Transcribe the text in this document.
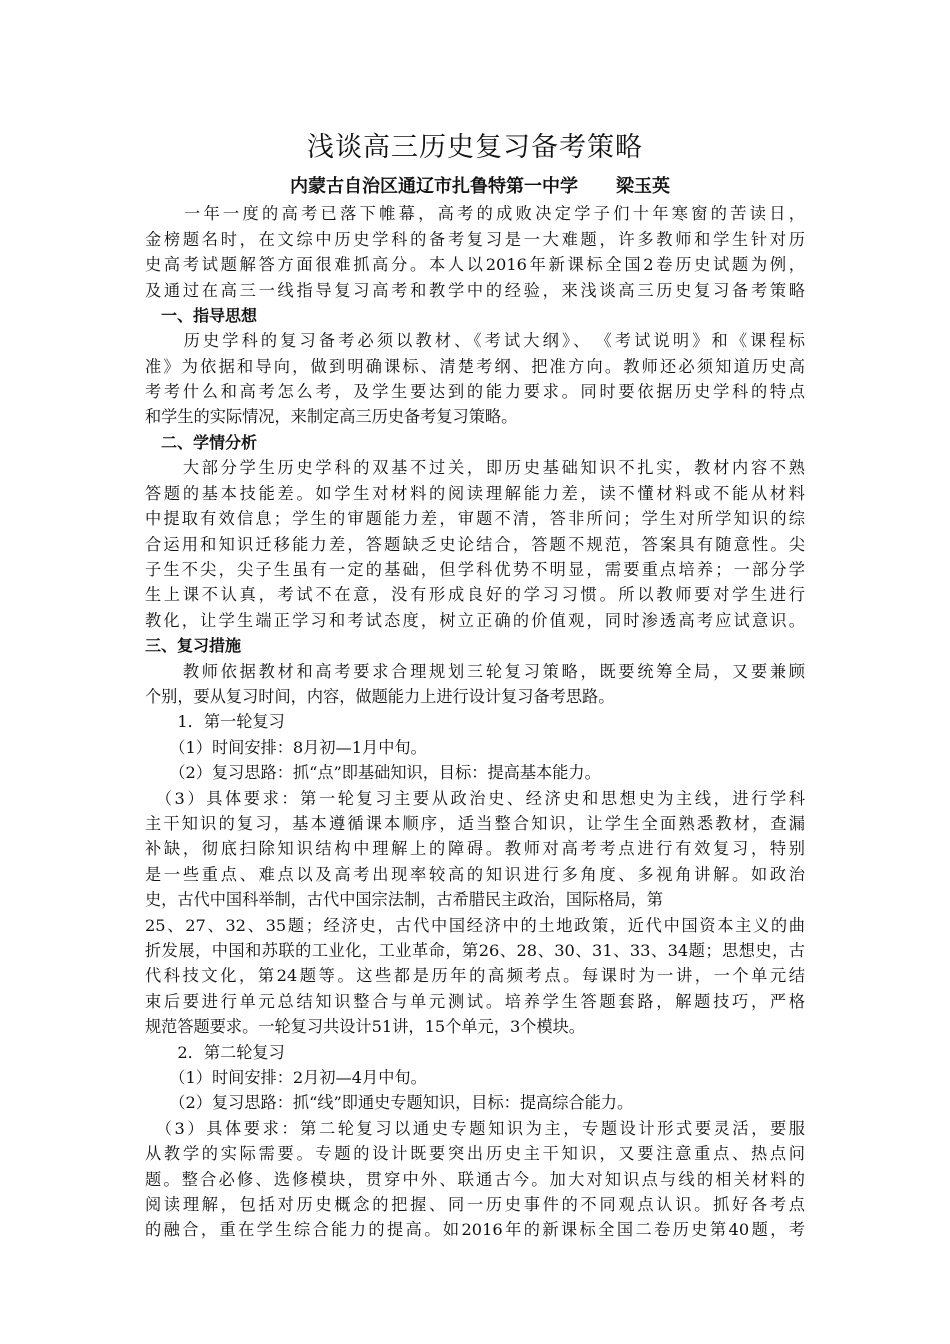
浅谈高三历史复习备考策略
内蒙古自治区通辽市扎鲁特第一中学 梁玉英
　　一年一度的高考已落下帷幕，高考的成败决定学子们十年寒窗的苦读日，
金榜题名时，在文综中历史学科的备考复习是一大难题，许多教师和学生针对历
史高考试题解答方面很难抓高分。本人以2016年新课标全国2卷历史试题为例，
及通过在高三一线指导复习高考和教学中的经验，来浅谈高三历史复习备考策略
　一、指导思想
　　历史学科的复习备考必须以教材、《考试大纲》、　《考试说明》和《课程标
准》为依据和导向，做到明确课标、清楚考纲、把准方向。教师还必须知道历史高
考考什么和高考怎么考，及学生要达到的能力要求。同时要依据历史学科的特点
和学生的实际情况，来制定高三历史备考复习策略。
　二、学情分析
　　大部分学生历史学科的双基不过关，即历史基础知识不扎实，教材内容不熟
答题的基本技能差。如学生对材料的阅读理解能力差，读不懂材料或不能从材料
中提取有效信息；学生的审题能力差，审题不清，答非所问；学生对所学知识的综
合运用和知识迁移能力差，答题缺乏史论结合，答题不规范，答案具有随意性。尖
子生不尖，尖子生虽有一定的基础，但学科优势不明显，需要重点培养；一部分学
生上课不认真，考试不在意，没有形成良好的学习习惯。所以教师要对学生进行
教化，让学生端正学习和考试态度，树立正确的价值观，同时渗透高考应试意识。
三、复习措施
　　教师依据教材和高考要求合理规划三轮复习策略，既要统筹全局，又要兼顾
个别，要从复习时间，内容，做题能力上进行设计复习备考思路。
　　1．第一轮复习
　　（1）时间安排：8月初—1月中旬。
　　（2）复习思路：抓“点”即基础知识，目标：提高基本能力。
　（3）具体要求：第一轮复习主要从政治史、经济史和思想史为主线，进行学科
主干知识的复习，基本遵循课本顺序，适当整合知识，让学生全面熟悉教材，查漏
补缺，彻底扫除知识结构中理解上的障碍。教师对高考考点进行有效复习，特别
是一些重点、难点以及高考出现率较高的知识进行多角度、多视角讲解。如政治
史，古代中国科举制，古代中国宗法制，古希腊民主政治，国际格局，第
25、27、32、35题；经济史，古代中国经济中的土地政策，近代中国资本主义的曲
折发展，中国和苏联的工业化，工业革命，第26、28、30、31、33、34题；思想史，古
代科技文化，第24题等。这些都是历年的高频考点。每课时为一讲，一个单元结
束后要进行单元总结知识整合与单元测试。培养学生答题套路，解题技巧，严格
规范答题要求。一轮复习共设计51讲，15个单元，3个模块。
　　2．第二轮复习
　　（1）时间安排：2月初—4月中旬。
　　（2）复习思路：抓“线”即通史专题知识，目标：提高综合能力。
　（3）具体要求：第二轮复习以通史专题知识为主，专题设计形式要灵活，要服
从教学的实际需要。专题的设计既要突出历史主干知识，又要注意重点、热点问
题。整合必修、选修模块，贯穿中外、联通古今。加大对知识点与线的相关材料的
阅读理解，包括对历史概念的把握、同一历史事件的不同观点认识。抓好各考点
的融合，重在学生综合能力的提高。如2016年的新课标全国二卷历史第40题，考
